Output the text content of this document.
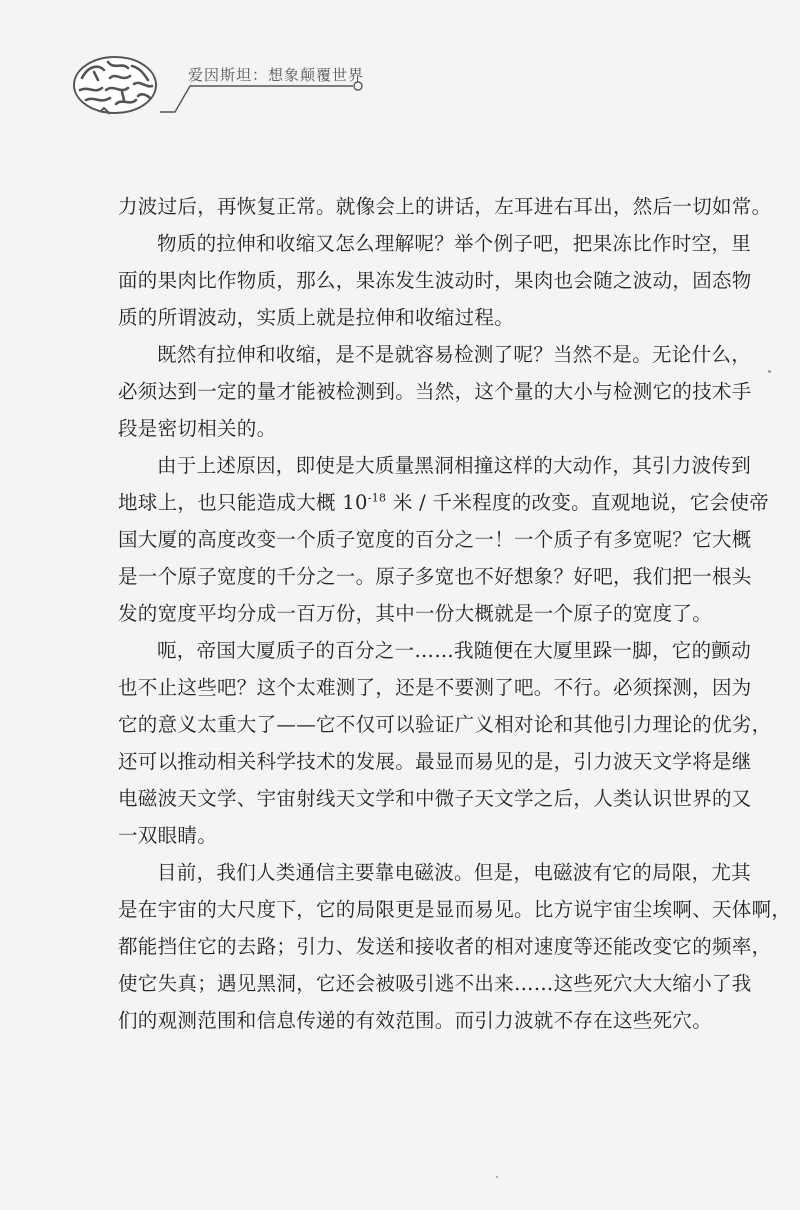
爱因斯坦：想象颠覆世界

力波过后，再恢复正常。就像会上的讲话，左耳进右耳出，然后一切如常。

物质的拉伸和收缩又怎么理解呢？举个例子吧，把果冻比作时空，里
面的果肉比作物质，那么，果冻发生波动时，果肉也会随之波动，固态物
质的所谓波动，实质上就是拉伸和收缩过程。

既然有拉伸和收缩，是不是就容易检测了呢？当然不是。无论什么，
必须达到一定的量才能被检测到。当然，这个量的大小与检测它的技术手
段是密切相关的。

由于上述原因，即使是大质量黑洞相撞这样的大动作，其引力波传到
地球上，也只能造成大概 $10^{-18}$ 米 / 千米程度的改变。直观地说，它会使帝
国大厦的高度改变一个质子宽度的百分之一！一个质子有多宽呢？它大概
是一个原子宽度的千分之一。原子多宽也不好想象？好吧，我们把一根头
发的宽度平均分成一百万份，其中一份大概就是一个原子的宽度了。

呃，帝国大厦质子的百分之一……我随便在大厦里跺一脚，它的颤动
也不止这些吧？这个太难测了，还是不要测了吧。不行。必须探测，因为
它的意义太重大了——它不仅可以验证广义相对论和其他引力理论的优劣，
还可以推动相关科学技术的发展。最显而易见的是，引力波天文学将是继
电磁波天文学、宇宙射线天文学和中微子天文学之后，人类认识世界的又
一双眼睛。

目前，我们人类通信主要靠电磁波。但是，电磁波有它的局限，尤其
是在宇宙的大尺度下，它的局限更是显而易见。比方说宇宙尘埃啊、天体啊，
都能挡住它的去路；引力、发送和接收者的相对速度等还能改变它的频率，
使它失真；遇见黑洞，它还会被吸引逃不出来……这些死穴大大缩小了我
们的观测范围和信息传递的有效范围。而引力波就不存在这些死穴。
